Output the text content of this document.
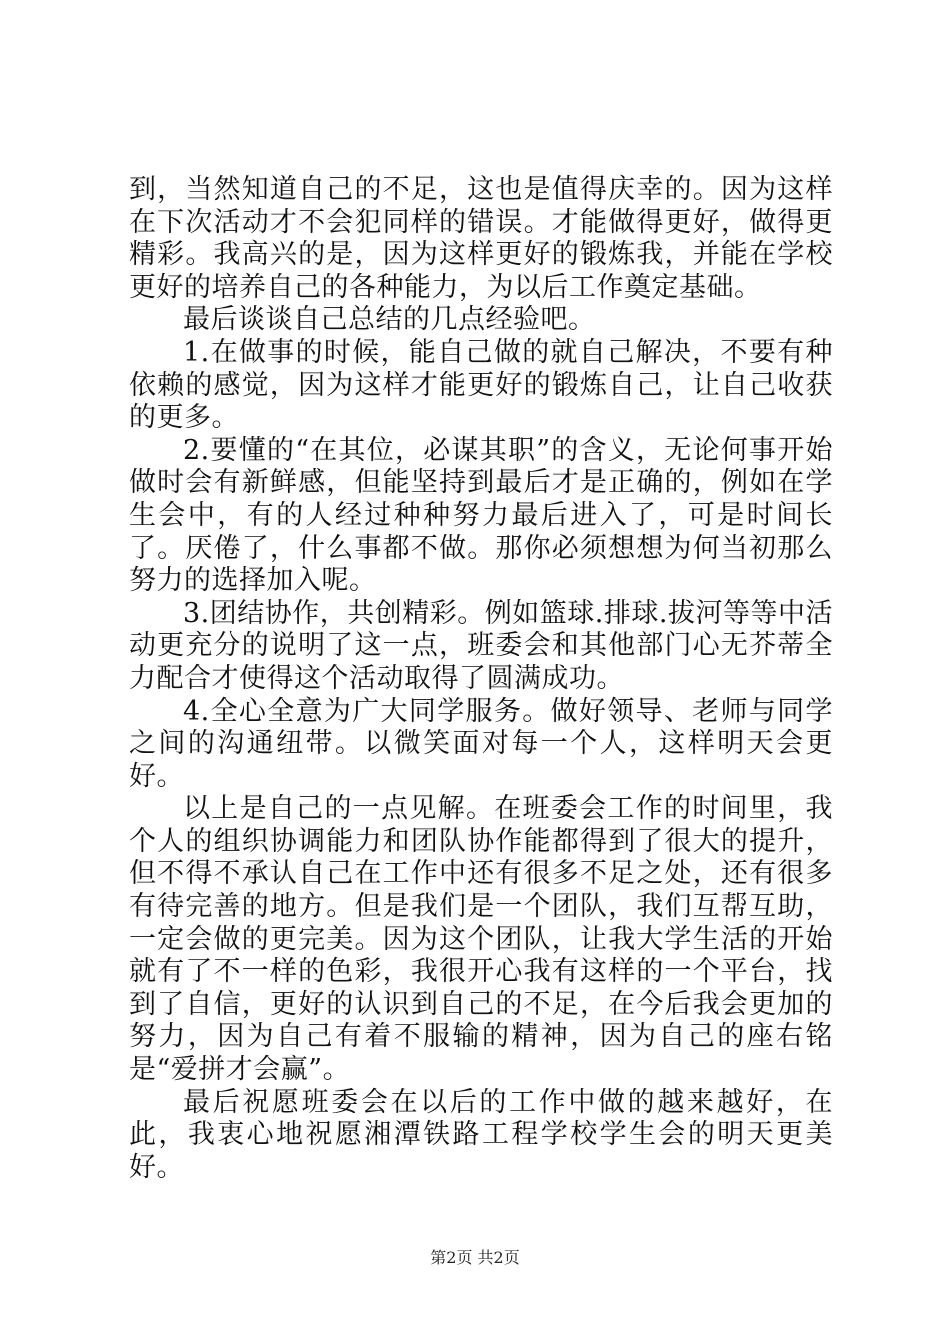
到，当然知道自己的不足，这也是值得庆幸的。因为这样在下次活动才不会犯同样的错误。才能做得更好，做得更精彩。我高兴的是，因为这样更好的锻炼我，并能在学校更好的培养自己的各种能力，为以后工作奠定基础。

最后谈谈自己总结的几点经验吧。

1.在做事的时候，能自己做的就自己解决，不要有种依赖的感觉，因为这样才能更好的锻炼自己，让自己收获的更多。

2.要懂的“在其位，必谋其职”的含义，无论何事开始做时会有新鲜感，但能坚持到最后才是正确的，例如在学生会中，有的人经过种种努力最后进入了，可是时间长了。厌倦了，什么事都不做。那你必须想想为何当初那么努力的选择加入呢。

3.团结协作，共创精彩。例如篮球.排球.拔河等等中活动更充分的说明了这一点，班委会和其他部门心无芥蒂全力配合才使得这个活动取得了圆满成功。

4.全心全意为广大同学服务。做好领导、老师与同学之间的沟通纽带。以微笑面对每一个人，这样明天会更好。

以上是自己的一点见解。在班委会工作的时间里，我个人的组织协调能力和团队协作能都得到了很大的提升，但不得不承认自己在工作中还有很多不足之处，还有很多有待完善的地方。但是我们是一个团队，我们互帮互助，一定会做的更完美。因为这个团队，让我大学生活的开始就有了不一样的色彩，我很开心我有这样的一个平台，找到了自信，更好的认识到自己的不足，在今后我会更加的努力，因为自己有着不服输的精神，因为自己的座右铭是“爱拼才会赢”。

最后祝愿班委会在以后的工作中做的越来越好，在此，我衷心地祝愿湘潭铁路工程学校学生会的明天更美好。

第2页 共2页
